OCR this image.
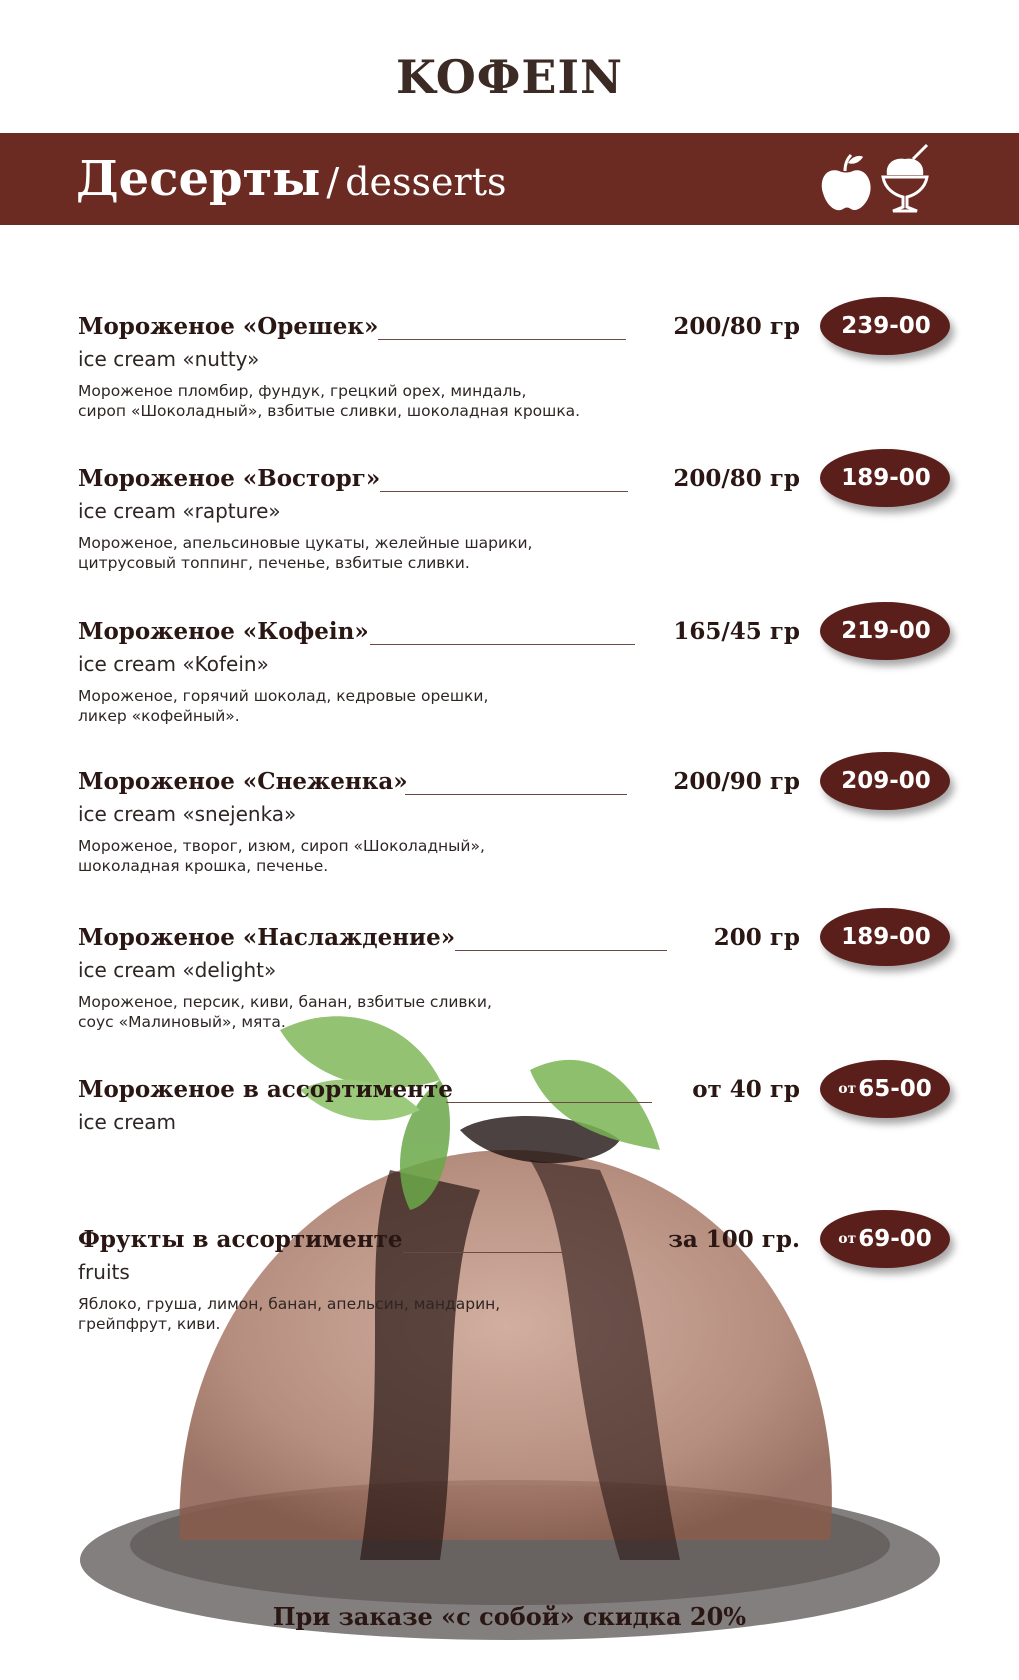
KOФEIN
Десерты / desserts
Мороженое «Орешек»	200/80 гр 239-00
ice cream «nutty»
Мороженое пломбир, фундук, грецкий орех, миндаль,
сироп «Шоколадный», взбитые сливки, шоколадная крошка.
Мороженое «Восторг»	200/80 гр 189-00
ice cream «rapture»
Мороженое, апельсиновые цукаты, желейные шарики,
цитрусовый топпинг, печенье, взбитые сливки.
Мороженое «Кофеin»	165/45 гр 219-00
ice cream «Kofein»
Мороженое, горячий шоколад, кедровые орешки,
ликер «кофейный».
Мороженое «Снеженка»	200/90 гр 209-00
ice cream «snejenka»
Мороженое, творог, изюм, сироп «Шоколадный»,
шоколадная крошка, печенье.
Мороженое «Наслаждение»	200 гр 189-00
ice cream «delight»
Мороженое, персик, киви, банан, взбитые сливки,
соус «Малиновый», мята.
Мороженое в ассортименте	от 40 гр	от 65-00
ice cream
Фрукты в ассортименте	за 100 гр.	от 69-00
fruits
Яблоко, груша, лимон, банан, апельсин, мандарин,
грейпфрут, киви.
При заказе «с собой» скидка 20%
